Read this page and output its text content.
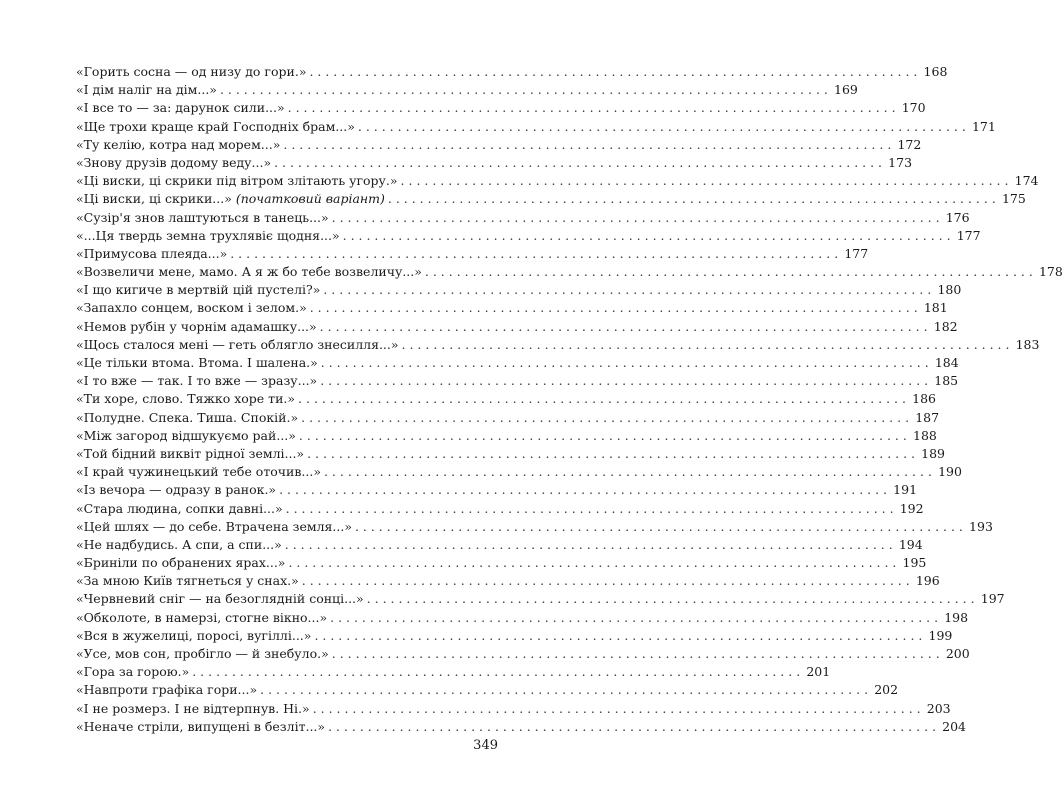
«Горить сосна — од низу до гори.» . . .	168
«І дім наліг на дім...» . . .	169
«І все то — за: дарунок сили...» . . .	170
«Ще трохи краще край Господніх брам...» . . .	171
«Ту келію, котра над морем...» . . .	172
«Знову друзів додому веду...» . . .	173
«Ці виски, ці скрики під вітром злітають угору.» . . .	174
«Ці виски, ці скрики...» (початковий варіант) . . .	175
«Сузір'я знов лаштуються в танець...» . . .	176
«...Ця твердь земна трухлявіє щодня...» . . .	177
«Примусова плеяда...» . . .	177
«Возвеличи мене, мамо. А я ж бо тебе возвеличу...» . . .	178
«І що кигиче в мертвій цій пустелі?» . . .	180
«Запахло сонцем, воском і зелом.» . . .	181
«Немов рубін у чорнім адамашку...» . . .	182
«Щось сталося мені — геть облягло знесилля...» . . .	183
«Це тільки втома. Втома. І шалена.» . . .	184
«І то вже — так. І то вже — зразу...» . . .	185
«Ти хоре, слово. Тяжко хоре ти.» . . .	186
«Полудне. Спека. Тиша. Спокій.» . . .	187
«Між загород відшукуємо рай...» . . .	188
«Той бідний виквіт рідної землі...» . . .	189
«І край чужинецький тебе оточив...» . . .	190
«Із вечора — одразу в ранок.» . . .	191
«Стара людина, сопки давні...» . . .	192
«Цей шлях — до себе. Втрачена земля...» . . .	193
«Не надбудись. А спи, а спи...» . . .	194
«Бриніли по обранених ярах...» . . .	195
«За мною Київ тягнеться у снах.» . . .	196
«Червневий сніг — на безоглядній сонці...» . . .	197
«Обколоте, в намерзі, стогне вікно...» . . .	198
«Вся в жужелиці, поросі, вугіллі...» . . .	199
«Усе, мов сон, пробігло — й знебуло.» . . .	200
«Гора за горою.» . . .	201
«Навпроти графіка гори...» . . .	202
«І не розмерз. І не відтерпнув. Ні.» . . .	203
«Неначе стріли, випущені в безліт...» . . .	204
349
